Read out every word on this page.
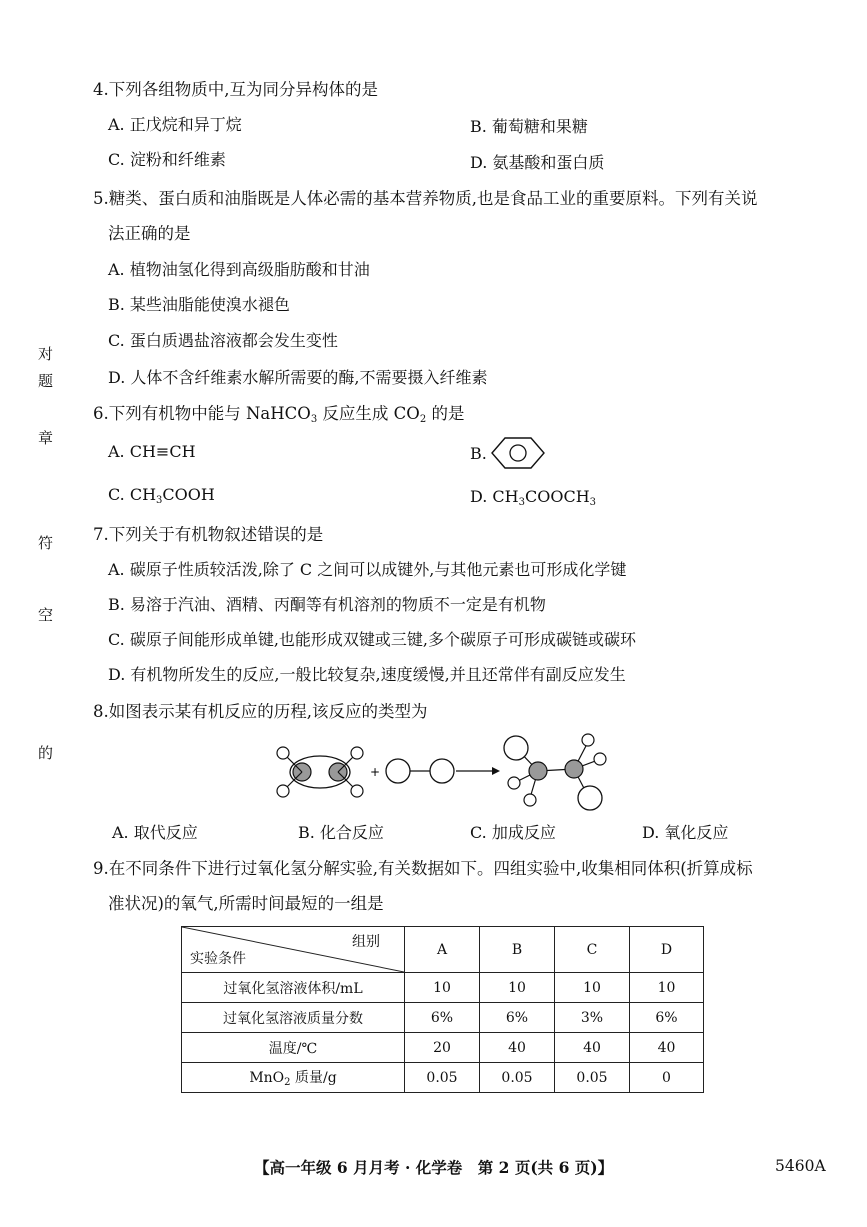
对
题
章
符
空
的
4.下列各组物质中,互为同分异构体的是
A. 正戊烷和异丁烷	B. 葡萄糖和果糖
C. 淀粉和纤维素	D. 氨基酸和蛋白质
5.糖类、蛋白质和油脂既是人体必需的基本营养物质,也是食品工业的重要原料。下列有关说
法正确的是
A. 植物油氢化得到高级脂肪酸和甘油
B. 某些油脂能使溴水褪色
C. 蛋白质遇盐溶液都会发生变性
D. 人体不含纤维素水解所需要的酶,不需要摄入纤维素
6.下列有机物中能与 NaHCO$_3$ 反应生成 $CO_2$ 的是
A. CH≡CH	B.
C. $CH_3COOH$	D. $CH_3COOCH_3$
7.下列关于有机物叙述错误的是
A. 碳原子性质较活泼,除了 C 之间可以成键外,与其他元素也可形成化学键
B. 易溶于汽油、酒精、丙酮等有机溶剂的物质不一定是有机物
C. 碳原子间能形成单键,也能形成双键或三键,多个碳原子可形成碳链或碳环
D. 有机物所发生的反应,一般比较复杂,速度缓慢,并且还常伴有副反应发生
8.如图表示某有机反应的历程,该反应的类型为
+
A. 取代反应	B. 化合反应	C. 加成反应	D. 氧化反应
9.在不同条件下进行过氧化氢分解实验,有关数据如下。四组实验中,收集相同体积(折算成标
准状况)的氧气,所需时间最短的一组是
组别
实验条件	A	B	C	D
过氧化氢溶液体积/mL	10	10	10	10
过氧化氢溶液质量分数	6%	6%	3%	6%
温度/℃	20	40	40	40
MnO$_2$ 质量/g	0.05	0.05	0.05	0
【高一年级 6 月月考 · 化学卷　第 2 页(共 6 页)】	5460A
